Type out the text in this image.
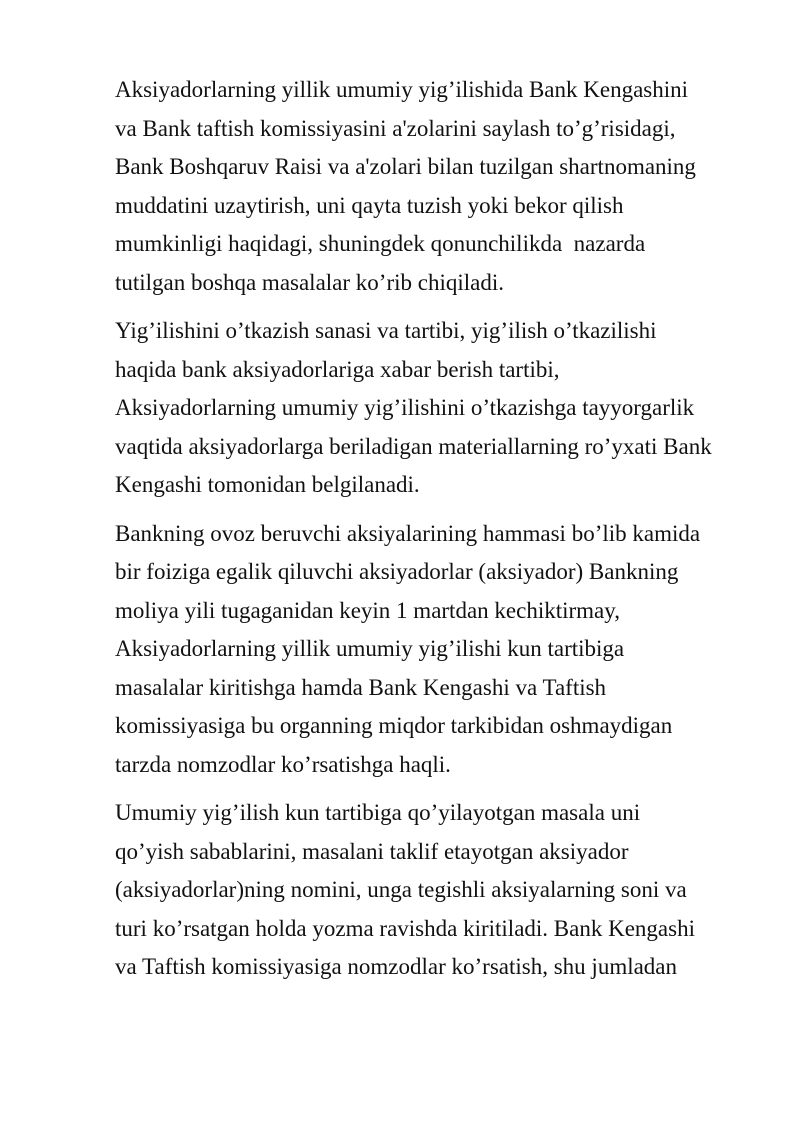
Aksiyadorlarning yillik umumiy yig’ilishida Bank Kengashini
va Bank taftish komissiyasini a'zolarini saylash to’g’risidagi,
Bank Boshqaruv Raisi va a'zolari bilan tuzilgan shartnomaning
muddatini uzaytirish, uni qayta tuzish yoki bekor qilish
mumkinligi haqidagi, shuningdek qonunchilikda  nazarda
tutilgan boshqa masalalar ko’rib chiqiladi.

Yig’ilishini o’tkazish sanasi va tartibi, yig’ilish o’tkazilishi
haqida bank aksiyadorlariga xabar berish tartibi,
Aksiyadorlarning umumiy yig’ilishini o’tkazishga tayyorgarlik
vaqtida aksiyadorlarga beriladigan materiallarning ro’yxati Bank
Kengashi tomonidan belgilanadi.

Bankning ovoz beruvchi aksiyalarining hammasi bo’lib kamida
bir foiziga egalik qiluvchi aksiyadorlar (aksiyador) Bankning
moliya yili tugaganidan keyin 1 martdan kechiktirmay,
Aksiyadorlarning yillik umumiy yig’ilishi kun tartibiga
masalalar kiritishga hamda Bank Kengashi va Taftish
komissiyasiga bu organning miqdor tarkibidan oshmaydigan
tarzda nomzodlar ko’rsatishga haqli.

Umumiy yig’ilish kun tartibiga qo’yilayotgan masala uni
qo’yish sabablarini, masalani taklif etayotgan aksiyador
(aksiyadorlar)ning nomini, unga tegishli aksiyalarning soni va
turi ko’rsatgan holda yozma ravishda kiritiladi. Bank Kengashi
va Taftish komissiyasiga nomzodlar ko’rsatish, shu jumladan
